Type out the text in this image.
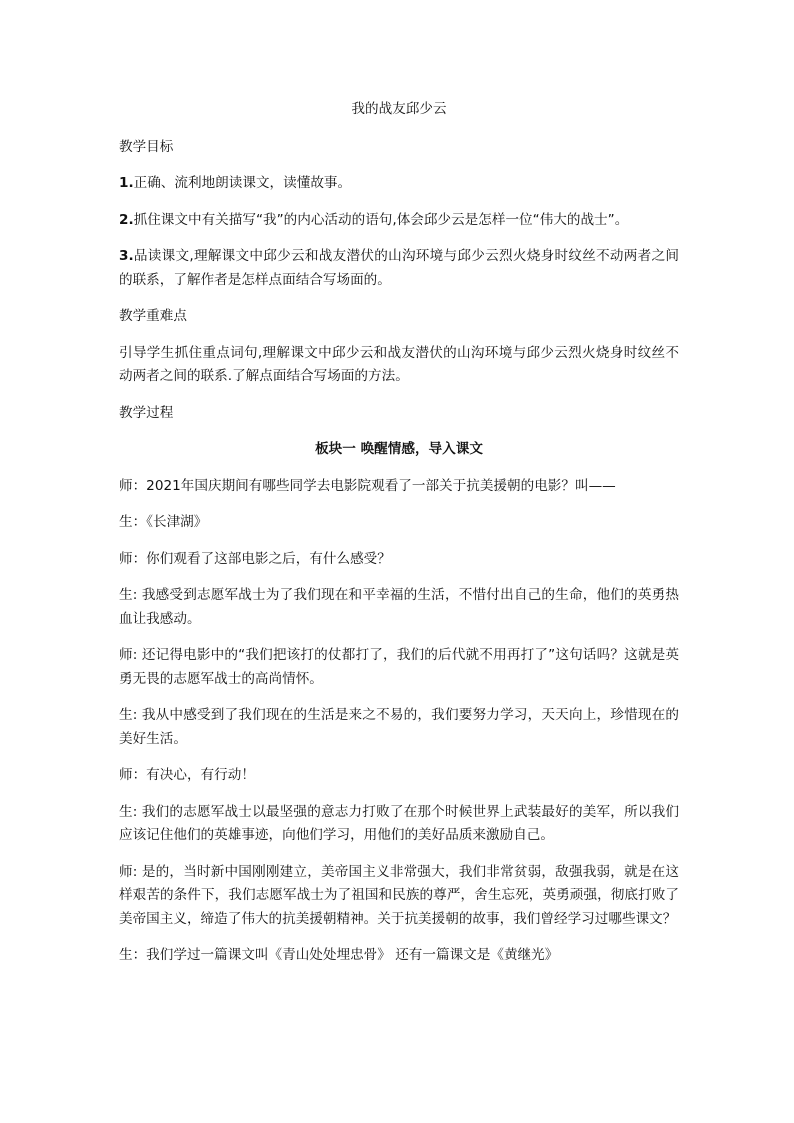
我的战友邱少云
教学目标

1.正确、流利地朗读课文，读懂故事。

2.抓住课文中有关描写“我”的内心活动的语句,体会邱少云是怎样一位“伟大的战士”。

3.品读课文,理解课文中邱少云和战友潜伏的山沟环境与邱少云烈火烧身时纹丝不动两者之间的联系，了解作者是怎样点面结合写场面的。

教学重难点

引导学生抓住重点词句,理解课文中邱少云和战友潜伏的山沟环境与邱少云烈火烧身时纹丝不动两者之间的联系.了解点面结合写场面的方法。

教学过程
板块一 唤醒情感，导入课文

师：2021年国庆期间有哪些同学去电影院观看了一部关于抗美援朝的电影？叫——

生：《长津湖》

师：你们观看了这部电影之后，有什么感受？

生: 我感受到志愿军战士为了我们现在和平幸福的生活，不惜付出自己的生命，他们的英勇热血让我感动。

师: 还记得电影中的“我们把该打的仗都打了，我们的后代就不用再打了”这句话吗？这就是英勇无畏的志愿军战士的高尚情怀。

生: 我从中感受到了我们现在的生活是来之不易的，我们要努力学习，天天向上，珍惜现在的美好生活。

师：有决心，有行动！

生: 我们的志愿军战士以最坚强的意志力打败了在那个时候世界上武装最好的美军，所以我们应该记住他们的英雄事迹，向他们学习，用他们的美好品质来激励自己。

师: 是的，当时新中国刚刚建立，美帝国主义非常强大，我们非常贫弱，敌强我弱，就是在这样艰苦的条件下，我们志愿军战士为了祖国和民族的尊严，舍生忘死，英勇顽强，彻底打败了美帝国主义，缔造了伟大的抗美援朝精神。关于抗美援朝的故事，我们曾经学习过哪些课文？

生：我们学过一篇课文叫《青山处处埋忠骨》 还有一篇课文是《黄继光》
